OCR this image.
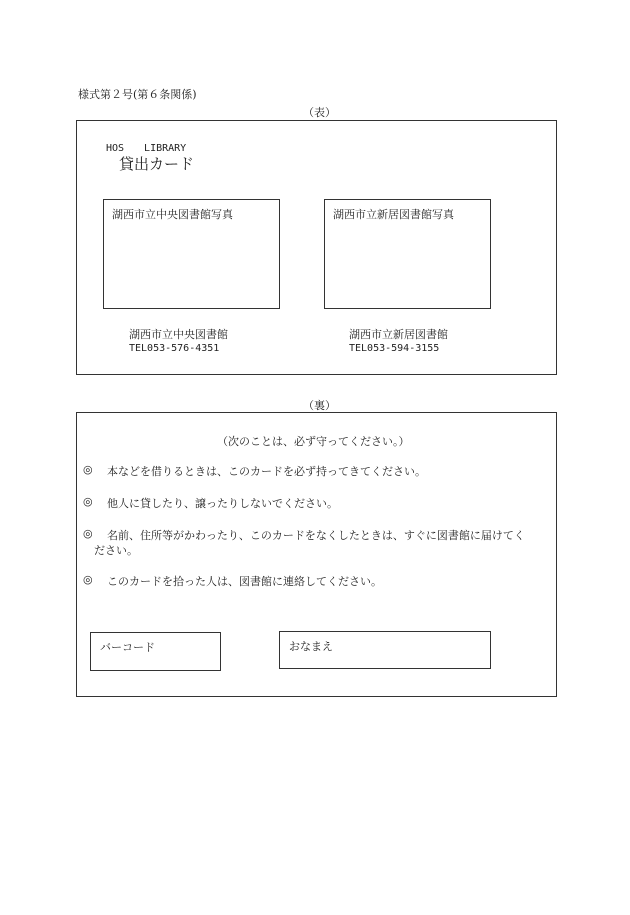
様式第２号(第６条関係)
（表）
HOS　　LIBRARY
貸出カード
湖西市立中央図書館写真	湖西市立新居図書館写真
湖西市立中央図書館
TEL053-576-4351
湖西市立新居図書館
TEL053-594-3155
（裏）
（次のことは、必ず守ってください。）
◎ 本などを借りるときは、このカードを必ず持ってきてください。
◎ 他人に貸したり、譲ったりしないでください。
◎ 名前、住所等がかわったり、このカードをなくしたときは、すぐに図書館に届けてく
ださい。
◎ このカードを拾った人は、図書館に連絡してください。
バーコード	おなまえ
